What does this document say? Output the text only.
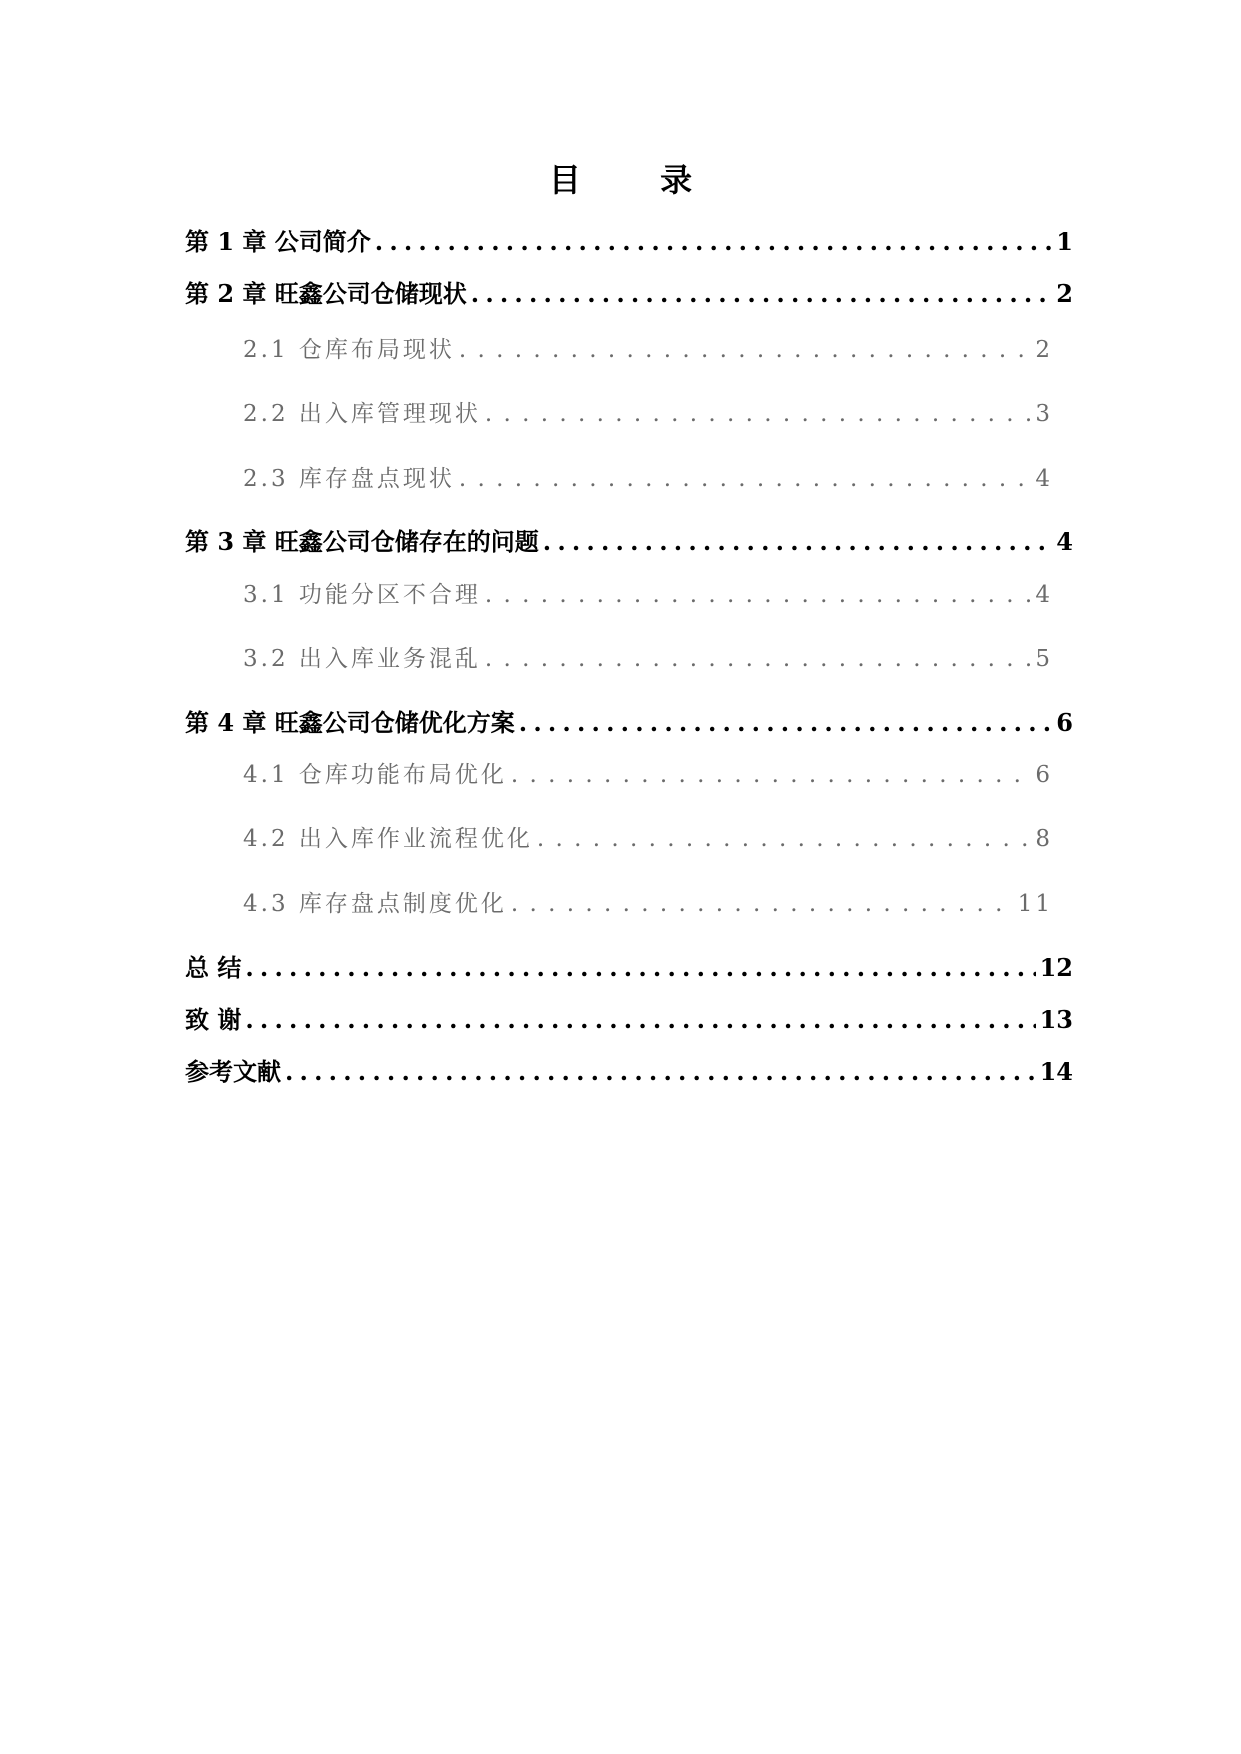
目 录
第 1 章 公司简介 .....	1
第 2 章 旺鑫公司仓储现状 .....	2
2.1 仓库布局现状 . . .	2
2.2 出入库管理现状 . . .	3
2.3 库存盘点现状 . . .	4
第 3 章 旺鑫公司仓储存在的问题 .....	4
3.1 功能分区不合理 . . .	4
3.2 出入库业务混乱 . . .	5
第 4 章 旺鑫公司仓储优化方案 .....	6
4.1 仓库功能布局优化 . . .	6
4.2 出入库作业流程优化 . . .	8
4.3 库存盘点制度优化 . . .	11
总 结 .....	12
致 谢 .....	13
参考文献 .....	14
